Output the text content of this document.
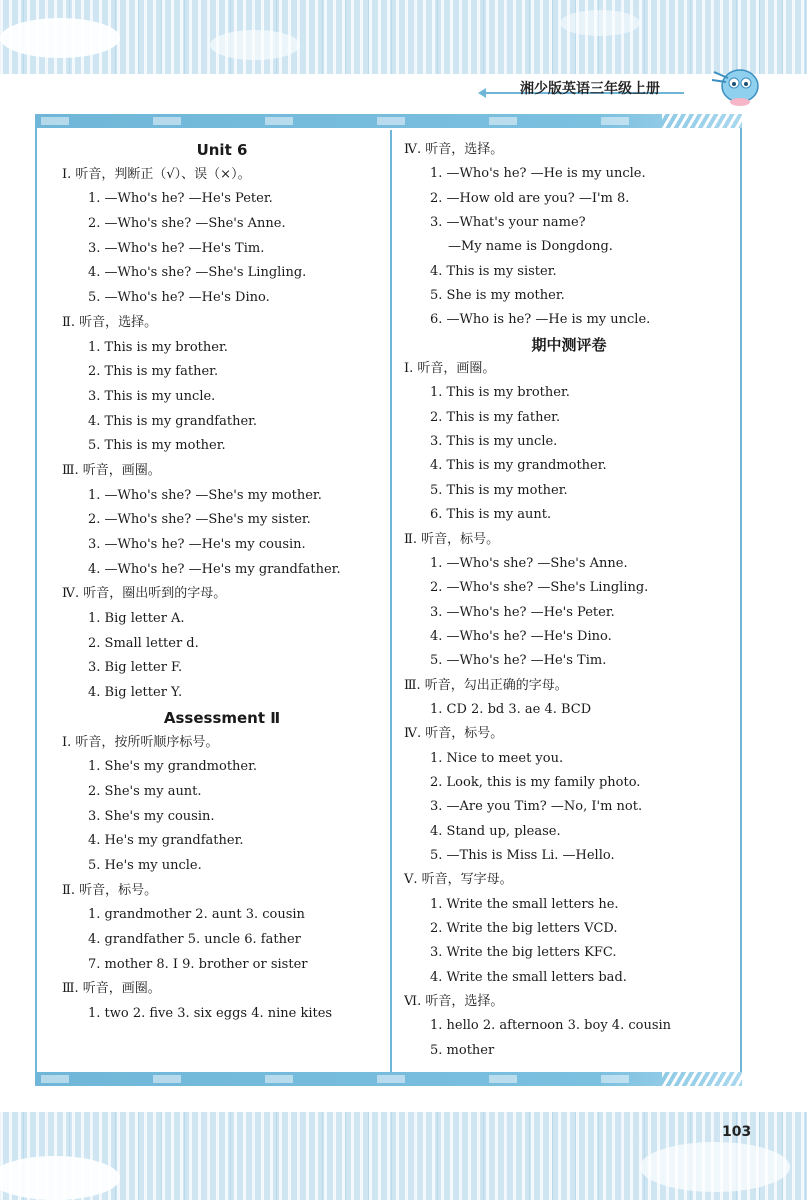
湘少版英语三年级上册
103
Unit 6
Ⅰ. 听音，判断正（√）、误（×）。
1. —Who's he? —He's Peter.
2. —Who's she? —She's Anne.
3. —Who's he? —He's Tim.
4. —Who's she? —She's Lingling.
5. —Who's he? —He's Dino.
Ⅱ. 听音，选择。
1. This is my brother.
2. This is my father.
3. This is my uncle.
4. This is my grandfather.
5. This is my mother.
Ⅲ. 听音，画圈。
1. —Who's she? —She's my mother.
2. —Who's she? —She's my sister.
3. —Who's he? —He's my cousin.
4. —Who's he? —He's my grandfather.
Ⅳ. 听音，圈出听到的字母。
1. Big letter A.
2. Small letter d.
3. Big letter F.
4. Big letter Y.
Assessment Ⅱ
Ⅰ. 听音，按所听顺序标号。
1. She's my grandmother.
2. She's my aunt.
3. She's my cousin.
4. He's my grandfather.
5. He's my uncle.
Ⅱ. 听音，标号。
1. grandmother 2. aunt 3. cousin
4. grandfather 5. uncle 6. father
7. mother 8. I 9. brother or sister
Ⅲ. 听音，画圈。
1. two 2. five 3. six eggs 4. nine kites
Ⅳ. 听音，选择。
1. —Who's he? —He is my uncle.
2. —How old are you? —I'm 8.
3. —What's your name?
—My name is Dongdong.
4. This is my sister.
5. She is my mother.
6. —Who is he? —He is my uncle.
期中测评卷
Ⅰ. 听音，画圈。
1. This is my brother.
2. This is my father.
3. This is my uncle.
4. This is my grandmother.
5. This is my mother.
6. This is my aunt.
Ⅱ. 听音，标号。
1. —Who's she? —She's Anne.
2. —Who's she? —She's Lingling.
3. —Who's he? —He's Peter.
4. —Who's he? —He's Dino.
5. —Who's he? —He's Tim.
Ⅲ. 听音，勾出正确的字母。
1. CD 2. bd 3. ae 4. BCD
Ⅳ. 听音，标号。
1. Nice to meet you.
2. Look, this is my family photo.
3. —Are you Tim? —No, I'm not.
4. Stand up, please.
5. —This is Miss Li. —Hello.
Ⅴ. 听音，写字母。
1. Write the small letters he.
2. Write the big letters VCD.
3. Write the big letters KFC.
4. Write the small letters bad.
Ⅵ. 听音，选择。
1. hello 2. afternoon 3. boy 4. cousin
5. mother
